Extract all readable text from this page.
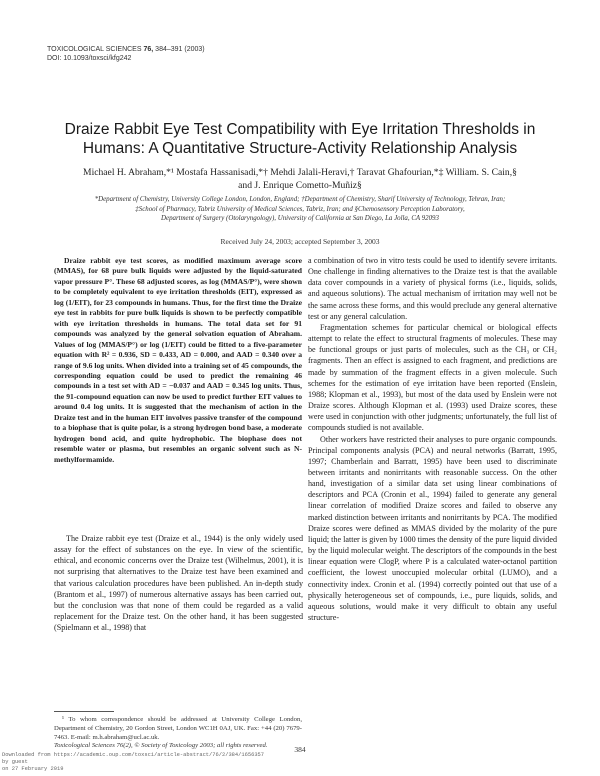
TOXICOLOGICAL SCIENCES 76, 384–391 (2003)
DOI: 10.1093/toxsci/kfg242
Draize Rabbit Eye Test Compatibility with Eye Irritation Thresholds in
Humans: A Quantitative Structure-Activity Relationship Analysis
Michael H. Abraham,*¹ Mostafa Hassanisadi,*† Mehdi Jalali-Heravi,† Taravat Ghafourian,*‡ William. S. Cain,§
and J. Enrique Cometto-Muñiz§
*Department of Chemistry, University College London, London, England; †Department of Chemistry, Sharif University of Technology, Tehran, Iran;
‡School of Pharmacy, Tabriz University of Medical Sciences, Tabriz, Iran; and §Chemosensory Perception Laboratory,
Department of Surgery (Otolaryngology), University of California at San Diego, La Jolla, CA 92093
Received July 24, 2003; accepted September 3, 2003

Draize rabbit eye test scores, as modified maximum average score (MMAS), for 68 pure bulk liquids were adjusted by the liquid-saturated vapor pressure P°. These 68 adjusted scores, as log (MMAS/P°), were shown to be completely equivalent to eye irritation thresholds (EIT), expressed as log (1/EIT), for 23 compounds in humans. Thus, for the first time the Draize eye test in rabbits for pure bulk liquids is shown to be perfectly compatible with eye irritation thresholds in humans. The total data set for 91 compounds was analyzed by the general solvation equation of Abraham. Values of log (MMAS/P°) or log (1/EIT) could be fitted to a five-parameter equation with R² = 0.936, SD = 0.433, AD = 0.000, and AAD = 0.340 over a range of 9.6 log units. When divided into a training set of 45 compounds, the corresponding equation could be used to predict the remaining 46 compounds in a test set with AD = −0.037 and AAD = 0.345 log units. Thus, the 91-compound equation can now be used to predict further EIT values to around 0.4 log units. It is suggested that the mechanism of action in the Draize test and in the human EIT involves passive transfer of the compound to a biophase that is quite polar, is a strong hydrogen bond base, a moderate hydrogen bond acid, and quite hydrophobic. The biophase does not resemble water or plasma, but resembles an organic solvent such as N-methylformamide.

The Draize rabbit eye test (Draize et al., 1944) is the only widely used assay for the effect of substances on the eye. In view of the scientific, ethical, and economic concerns over the Draize test (Wilhelmus, 2001), it is not surprising that alternatives to the Draize test have been examined and that various calculation procedures have been published. An in-depth study (Brantom et al., 1997) of numerous alternative assays has been carried out, but the conclusion was that none of them could be regarded as a valid replacement for the Draize test. On the other hand, it has been suggested (Spielmann et al., 1998) that

¹ To whom correspondence should be addressed at University College London, Department of Chemistry, 20 Gordon Street, London WC1H 0AJ, UK. Fax: +44 (20) 7679-7463. E-mail: m.h.abraham@ucl.ac.uk.
Toxicological Sciences 76(2), © Society of Toxicology 2003; all rights reserved.

a combination of two in vitro tests could be used to identify severe irritants. One challenge in finding alternatives to the Draize test is that the available data cover compounds in a variety of physical forms (i.e., liquids, solids, and aqueous solutions). The actual mechanism of irritation may well not be the same across these forms, and this would preclude any general alternative test or any general calculation.

Fragmentation schemes for particular chemical or biological effects attempt to relate the effect to structural fragments of molecules. These may be functional groups or just parts of molecules, such as the CH₃ or CH₂ fragments. Then an effect is assigned to each fragment, and predictions are made by summation of the fragment effects in a given molecule. Such schemes for the estimation of eye irritation have been reported (Enslein, 1988; Klopman et al., 1993), but most of the data used by Enslein were not Draize scores. Although Klopman et al. (1993) used Draize scores, these were used in conjunction with other judgments; unfortunately, the full list of compounds studied is not available.

Other workers have restricted their analyses to pure organic compounds. Principal components analysis (PCA) and neural networks (Barratt, 1995, 1997; Chamberlain and Barratt, 1995) have been used to discriminate between irritants and nonirritants with reasonable success. On the other hand, investigation of a similar data set using linear combinations of descriptors and PCA (Cronin et al., 1994) failed to generate any general linear correlation of modified Draize scores and failed to observe any marked distinction between irritants and nonirritants by PCA. The modified Draize scores were defined as MMAS divided by the molarity of the pure liquid; the latter is given by 1000 times the density of the pure liquid divided by the liquid molecular weight. The descriptors of the compounds in the best linear equation were ClogP, where P is a calculated water-octanol partition coefficient, the lowest unoccupied molecular orbital (LUMO), and a connectivity index. Cronin et al. (1994) correctly pointed out that use of a physically heterogeneous set of compounds, i.e., pure liquids, solids, and aqueous solutions, would make it very difficult to obtain any useful structure-

384
Downloaded from https://academic.oup.com/toxsci/article-abstract/76/2/384/1656357
by guest
on 27 February 2019
